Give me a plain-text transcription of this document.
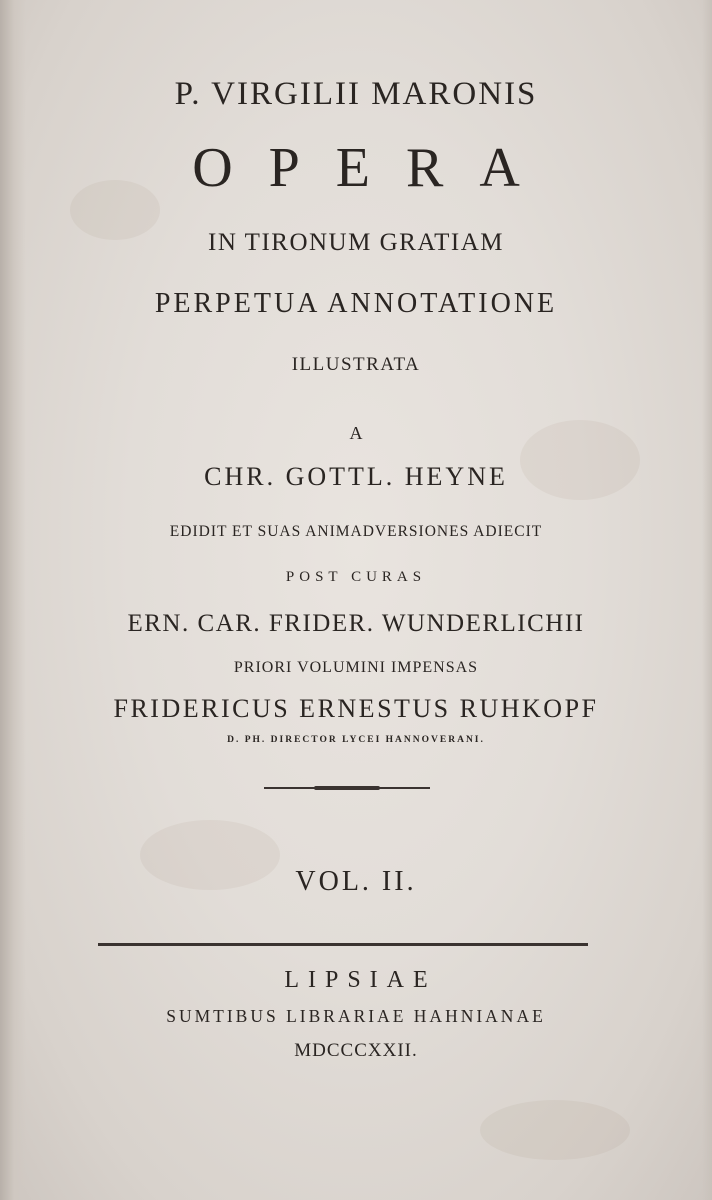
P. VIRGILII MARONIS
OPERA
IN TIRONUM GRATIAM
PERPETUA ANNOTATIONE
ILLUSTRATA
A
CHR. GOTTL. HEYNE
EDIDIT ET SUAS ANIMADVERSIONES ADIECIT
POST CURAS
ERN. CAR. FRIDER. WUNDERLICHII
PRIORI VOLUMINI IMPENSAS
FRIDERICUS ERNESTUS RUHKOPF
D. PH. DIRECTOR LYCEI HANNOVERANI.
VOL. II.
LIPSIAE
SUMTIBUS LIBRARIAE HAHNIANAE
MDCCCXXII.
